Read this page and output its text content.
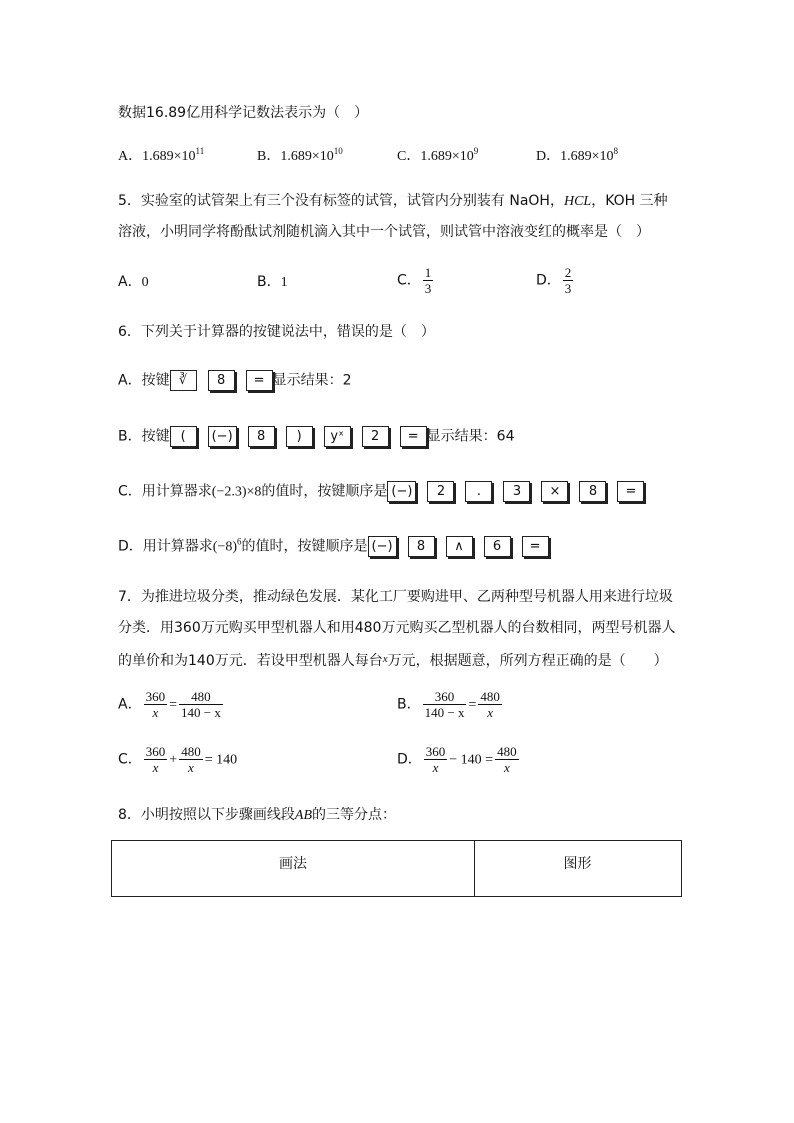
数据16.89亿用科学记数法表示为（　）
A．$1.689\times 10^{11}$	B．$1.689\times 10^{10}$	C．$1.689\times 10^9$	D．$1.689\times 10^8$
5．实验室的试管架上有三个没有标签的试管，试管内分别装有 NaOH，HCL，KOH 三种
溶液，小明同学将酚酞试剂随机滴入其中一个试管，则试管中溶液变红的概率是（　）
A．0	B．1	C． $\frac{1}{3}$	D． $\frac{2}{3}$
6．下列关于计算器的按键说法中，错误的是（　）
A．按键 ∛ 8 = 显示结果：2
B．按键 ( (−) 8 ) yˣ 2 = 显示结果：64
C．用计算器求(−2.3)×8的值时，按键顺序是 (−) 2 . 3 × 8 =
D．用计算器求$(-8)^6$的值时，按键顺序是 (−) 8 ∧ 6 =
7．为推进垃圾分类，推动绿色发展．某化工厂要购进甲、乙两种型号机器人用来进行垃圾
分类．用360万元购买甲型机器人和用480万元购买乙型机器人的台数相同，两型号机器人
的单价和为140万元．若设甲型机器人每台$^x$万元，根据题意，所列方程正确的是（　　）
A． $\frac{360}{x} = \frac{480}{140 - x}$	B． $\frac{360}{140 - x} = \frac{480}{x}$
C． $\frac{360}{x} + \frac{480}{x} = 140$	D． $\frac{360}{x} - 140 = \frac{480}{x}$
8．小明按照以下步骤画线段AB的三等分点：
画法	图形
